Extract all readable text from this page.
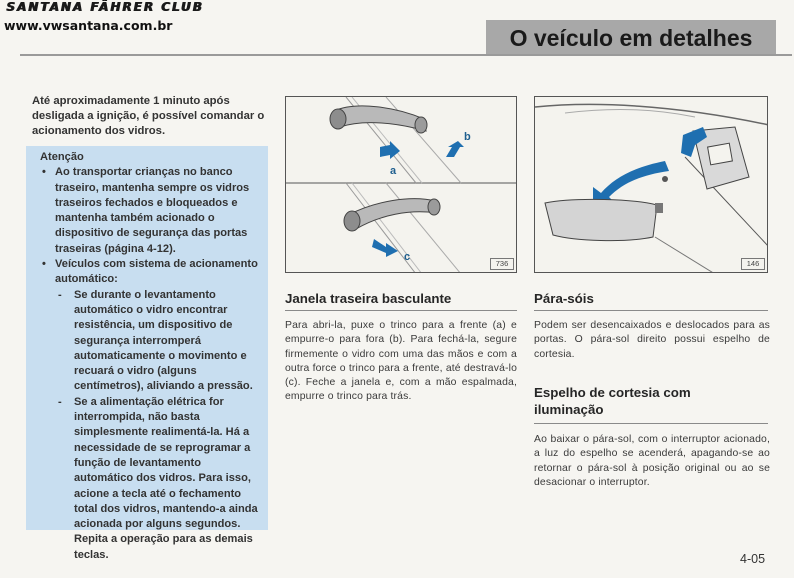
SANTANA FÄHRER CLUB
www.vwsantana.com.br	O veículo em detalhes
Até aproximadamente 1 minuto após desligada a ignição, é possível comandar o acionamento dos vidros.
Atenção
• Ao transportar crianças no banco traseiro, mantenha sempre os vidros traseiros fechados e bloqueados e mantenha também acionado o dispositivo de segurança das portas traseiras (página 4-12).
• Veículos com sistema de acionamento automático:
- Se durante o levantamento automático o vidro encontrar resistência, um dispositivo de segurança interromperá automaticamente o movimento e recuará o vidro (alguns centímetros), aliviando a pressão.
- Se a alimentação elétrica for interrompida, não basta simplesmente realimentá-la. Há a necessidade de se reprogramar a função de levantamento automático dos vidros. Para isso, acione a tecla até o fechamento total dos vidros, mantendo-a ainda acionada por alguns segundos. Repita a operação para as demais teclas.
a
b
c
736
Janela traseira basculante
Para abri-la, puxe o trinco para a frente (a) e empurre-o para fora (b). Para fechá-la, segure firmemente o vidro com uma das mãos e com a outra force o trinco para a frente, até destravá-lo (c). Feche a janela e, com a mão espalmada, empurre o trinco para trás.
146
Pára-sóis
Podem ser desencaixados e deslocados para as portas. O pára-sol direito possui espelho de cortesia.
Espelho de cortesia com iluminação
Ao baixar o pára-sol, com o interruptor acionado, a luz do espelho se acenderá, apagando-se ao retornar o pára-sol à posição original ou ao se desacionar o interruptor.
4-05
